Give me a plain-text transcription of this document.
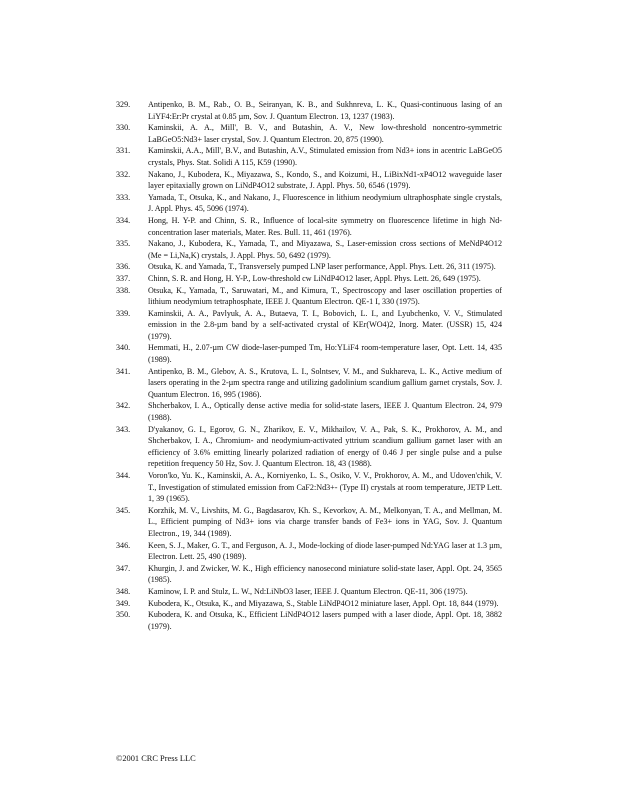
329.	Antipenko, B. M., Rab., O. B., Seiranyan, K. B., and Sukhnreva, L. K., Quasi-continuous lasing of an LiYF4:Er:Pr crystal at 0.85 µm, Sov. J. Quantum Electron. 13, 1237 (1983).
330.	Kaminskii, A. A., Mill', B. V., and Butashin, A. V., New low-threshold noncentro-symmetric LaBGeO5:Nd3+ laser crystal, Sov. J. Quantum Electron. 20, 875 (1990).
331.	Kaminskii, A.A., Mill', B.V., and Butashin, A.V., Stimulated emission from Nd3+ ions in acentric LaBGeO5 crystals, Phys. Stat. Solidi A 115, K59 (1990).
332.	Nakano, J., Kubodera, K., Miyazawa, S., Kondo, S., and Koizumi, H., LiBixNd1-xP4O12 waveguide laser layer epitaxially grown on LiNdP4O12 substrate, J. Appl. Phys. 50, 6546 (1979).
333.	Yamada, T., Otsuka, K., and Nakano, J., Fluorescence in lithium neodymium ultraphosphate single crystals, J. Appl. Phys. 45, 5096 (1974).
334.	Hong, H. Y-P. and Chinn, S. R., Influence of local-site symmetry on fluorescence lifetime in high Nd-concentration laser materials, Mater. Res. Bull. 11, 461 (1976).
335.	Nakano, J., Kubodera, K., Yamada, T., and Miyazawa, S., Laser-emission cross sections of MeNdP4O12 (Me = Li,Na,K) crystals, J. Appl. Phys. 50, 6492 (1979).
336.	Otsuka, K. and Yamada, T., Transversely pumped LNP laser performance, Appl. Phys. Lett. 26, 311 (1975).
337.	Chinn, S. R. and Hong, H. Y-P., Low-threshold cw LiNdP4O12 laser, Appl. Phys. Lett. 26, 649 (1975).
338.	Otsuka, K., Yamada, T., Saruwatari, M., and Kimura, T., Spectroscopy and laser oscillation properties of lithium neodymium tetraphosphate, IEEE J. Quantum Electron. QE-1 I, 330 (1975).
339.	Kaminskii, A. A., Pavlyuk, A. A., Butaeva, T. I., Bobovich, L. I., and Lyubchenko, V. V., Stimulated emission in the 2.8-µm band by a self-activated crystal of KEr(WO4)2, Inorg. Mater. (USSR) 15, 424 (1979).
340.	Hemmati, H., 2.07-µm CW diode-laser-pumped Tm, Ho:YLiF4 room-temperature laser, Opt. Lett. 14, 435 (1989).
341.	Antipenko, B. M., Glebov, A. S., Krutova, L. I., Solntsev, V. M., and Sukhareva, L. K., Active medium of lasers operating in the 2-µm spectra range and utilizing gadolinium scandium gallium garnet crystals, Sov. J. Quantum Electron. 16, 995 (1986).
342.	Shcherbakov, I. A., Optically dense active media for solid-state lasers, IEEE J. Quantum Electron. 24, 979 (1988).
343.	D'yakanov, G. I., Egorov, G. N., Zharikov, E. V., Mikhailov, V. A., Pak, S. K., Prokhorov, A. M., and Shcherbakov, I. A., Chromium- and neodymium-activated yttrium scandium gallium garnet laser with an efficiency of 3.6% emitting linearly polarized radiation of energy of 0.46 J per single pulse and a pulse repetition frequency 50 Hz, Sov. J. Quantum Electron. 18, 43 (1988).
344.	Voron'ko, Yu. K., Kaminskii, A. A., Korniyenko, L. S., Osiko, V. V., Prokhorov, A. M., and Udoven'chik, V. T., Investigation of stimulated emission from CaF2:Nd3+- (Type II) crystals at room temperature, JETP Lett. 1, 39 (1965).
345.	Korzhik, M. V., Livshits, M. G., Bagdasarov, Kh. S., Kevorkov, A. M., Melkonyan, T. A., and Mellman, M. L., Efficient pumping of Nd3+ ions via charge transfer bands of Fe3+ ions in YAG, Sov. J. Quantum Electron., 19, 344 (1989).
346.	Keen, S. J., Maker, G. T., and Ferguson, A. J., Mode-locking of diode laser-pumped Nd:YAG laser at 1.3 µm, Electron. Lett. 25, 490 (1989).
347.	Khurgin, J. and Zwicker, W. K., High efficiency nanosecond miniature solid-state laser, Appl. Opt. 24, 3565 (1985).
348.	Kaminow, I. P. and Stulz, L. W., Nd:LiNbO3 laser, IEEE J. Quantum Electron. QE-11, 306 (1975).
349.	Kubodera, K., Otsuka, K., and Miyazawa, S., Stable LiNdP4O12 miniature laser, Appl. Opt. 18, 844 (1979).
350.	Kubodera, K. and Otsuka, K., Efficient LiNdP4O12 lasers pumped with a laser diode, Appl. Opt. 18, 3882 (1979).
©2001 CRC Press LLC
